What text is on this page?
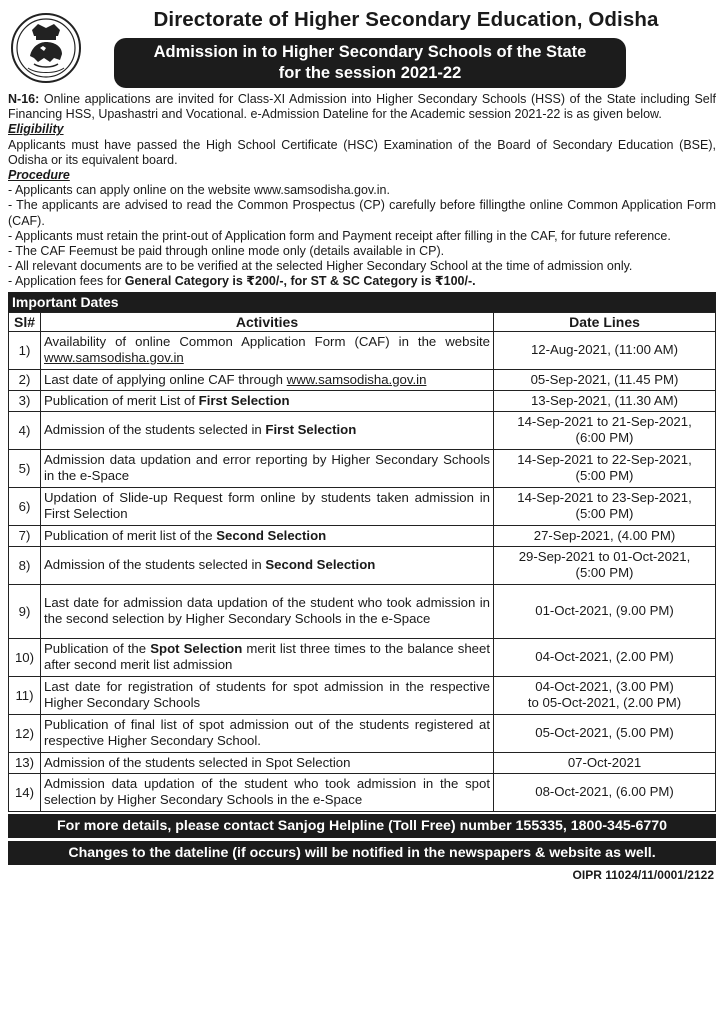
Directorate of Higher Secondary Education, Odisha
Admission in to Higher Secondary Schools of the State
for the session 2021-22

N-16: Online applications are invited for Class-XI Admission into Higher Secondary Schools (HSS) of the State including Self Financing HSS, Upashastri and Vocational. e-Admission Dateline for the Academic session 2021-22 is as given below.

Eligibility
Applicants must have passed the High School Certificate (HSC) Examination of the Board of Secondary Education (BSE), Odisha or its equivalent board.
Procedure
- Applicants can apply online on the website www.samsodisha.gov.in.
- The applicants are advised to read the Common Prospectus (CP) carefully before fillingthe online Common Application Form (CAF).
- Applicants must retain the print-out of Application form and Payment receipt after filling in the CAF, for future reference.
- The CAF Feemust be paid through online mode only (details available in CP).
- All relevant documents are to be verified at the selected Higher Secondary School at the time of admission only.
- Application fees for General Category is ₹200/-, for ST & SC Category is ₹100/-.
Important Dates
Sl#	Activities	Date Lines
1)	Availability of online Common Application Form (CAF) in the website www.samsodisha.gov.in	12-Aug-2021, (11:00 AM)

2)	Last date of applying online CAF through www.samsodisha.gov.in	05-Sep-2021, (11.45 PM)

3)	Publication of merit List of First Selection	13-Sep-2021, (11.30 AM)

4)	Admission of the students selected in First Selection	14-Sep-2021 to 21-Sep-2021,
(6:00 PM)

5)	Admission data updation and error reporting by Higher Secondary Schools in the e-Space	14-Sep-2021 to 22-Sep-2021,
(5:00 PM)

6)	Updation of Slide-up Request form online by students taken admission in First Selection	14-Sep-2021 to 23-Sep-2021,
(5:00 PM)

7)	Publication of merit list of the Second Selection	27-Sep-2021, (4.00 PM)

8)	Admission of the students selected in Second Selection	29-Sep-2021 to 01-Oct-2021,
(5:00 PM)

9)	Last date for admission data updation of the student who took admission in the second selection by Higher Secondary Schools in the e-Space	01-Oct-2021, (9.00 PM)

10)	Publication of the Spot Selection merit list three times to the balance sheet after second merit list admission	04-Oct-2021, (2.00 PM)

11)	Last date for registration of students for spot admission in the respective Higher Secondary Schools	04-Oct-2021, (3.00 PM)
to 05-Oct-2021, (2.00 PM)

12)	Publication of final list of spot admission out of the students registered at respective Higher Secondary School.	05-Oct-2021, (5.00 PM)

13)	Admission of the students selected in Spot Selection	07-Oct-2021

14)	Admission data updation of the student who took admission in the spot selection by Higher Secondary Schools in the e-Space	08-Oct-2021, (6.00 PM)
For more details, please contact Sanjog Helpline (Toll Free) number 155335, 1800-345-6770
Changes to the dateline (if occurs) will be notified in the newspapers & website as well.
OIPR 11024/11/0001/2122
